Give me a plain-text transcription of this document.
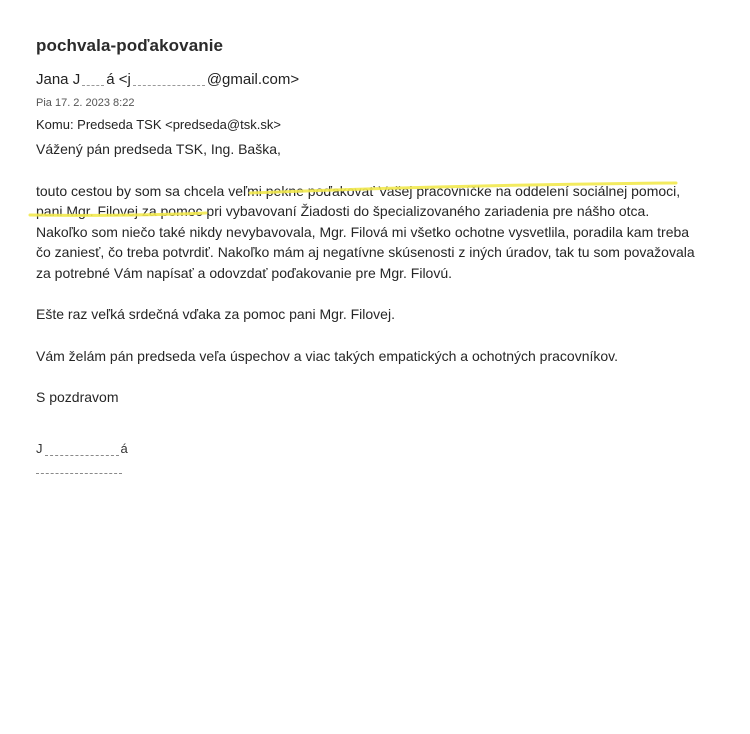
pochvala-poďakovanie
Jana J á <j	@gmail.com>
Pia 17. 2. 2023 8:22
Komu: Predseda TSK <predseda@tsk.sk>

Vážený pán predseda TSK, Ing. Baška,

touto cestou by som sa chcela veľmi pekne poďakovať Vašej pracovníčke na oddelení sociálnej pomoci, pani Mgr. Filovej za pomoc pri vybavovaní Žiadosti do špecializovaného zariadenia pre nášho otca. Nakoľko som niečo také nikdy nevybavovala, Mgr. Filová mi všetko ochotne vysvetlila, poradila kam treba čo zaniesť, čo treba potvrdiť. Nakoľko mám aj negatívne skúsenosti z iných úradov, tak tu som považovala za potrebné Vám napísať a odovzdať poďakovanie pre Mgr. Filovú.

Ešte raz veľká srdečná vďaka za pomoc pani Mgr. Filovej.

Vám želám pán predseda veľa úspechov a viac takých empatických a ochotných pracovníkov.

S pozdravom

J	á
